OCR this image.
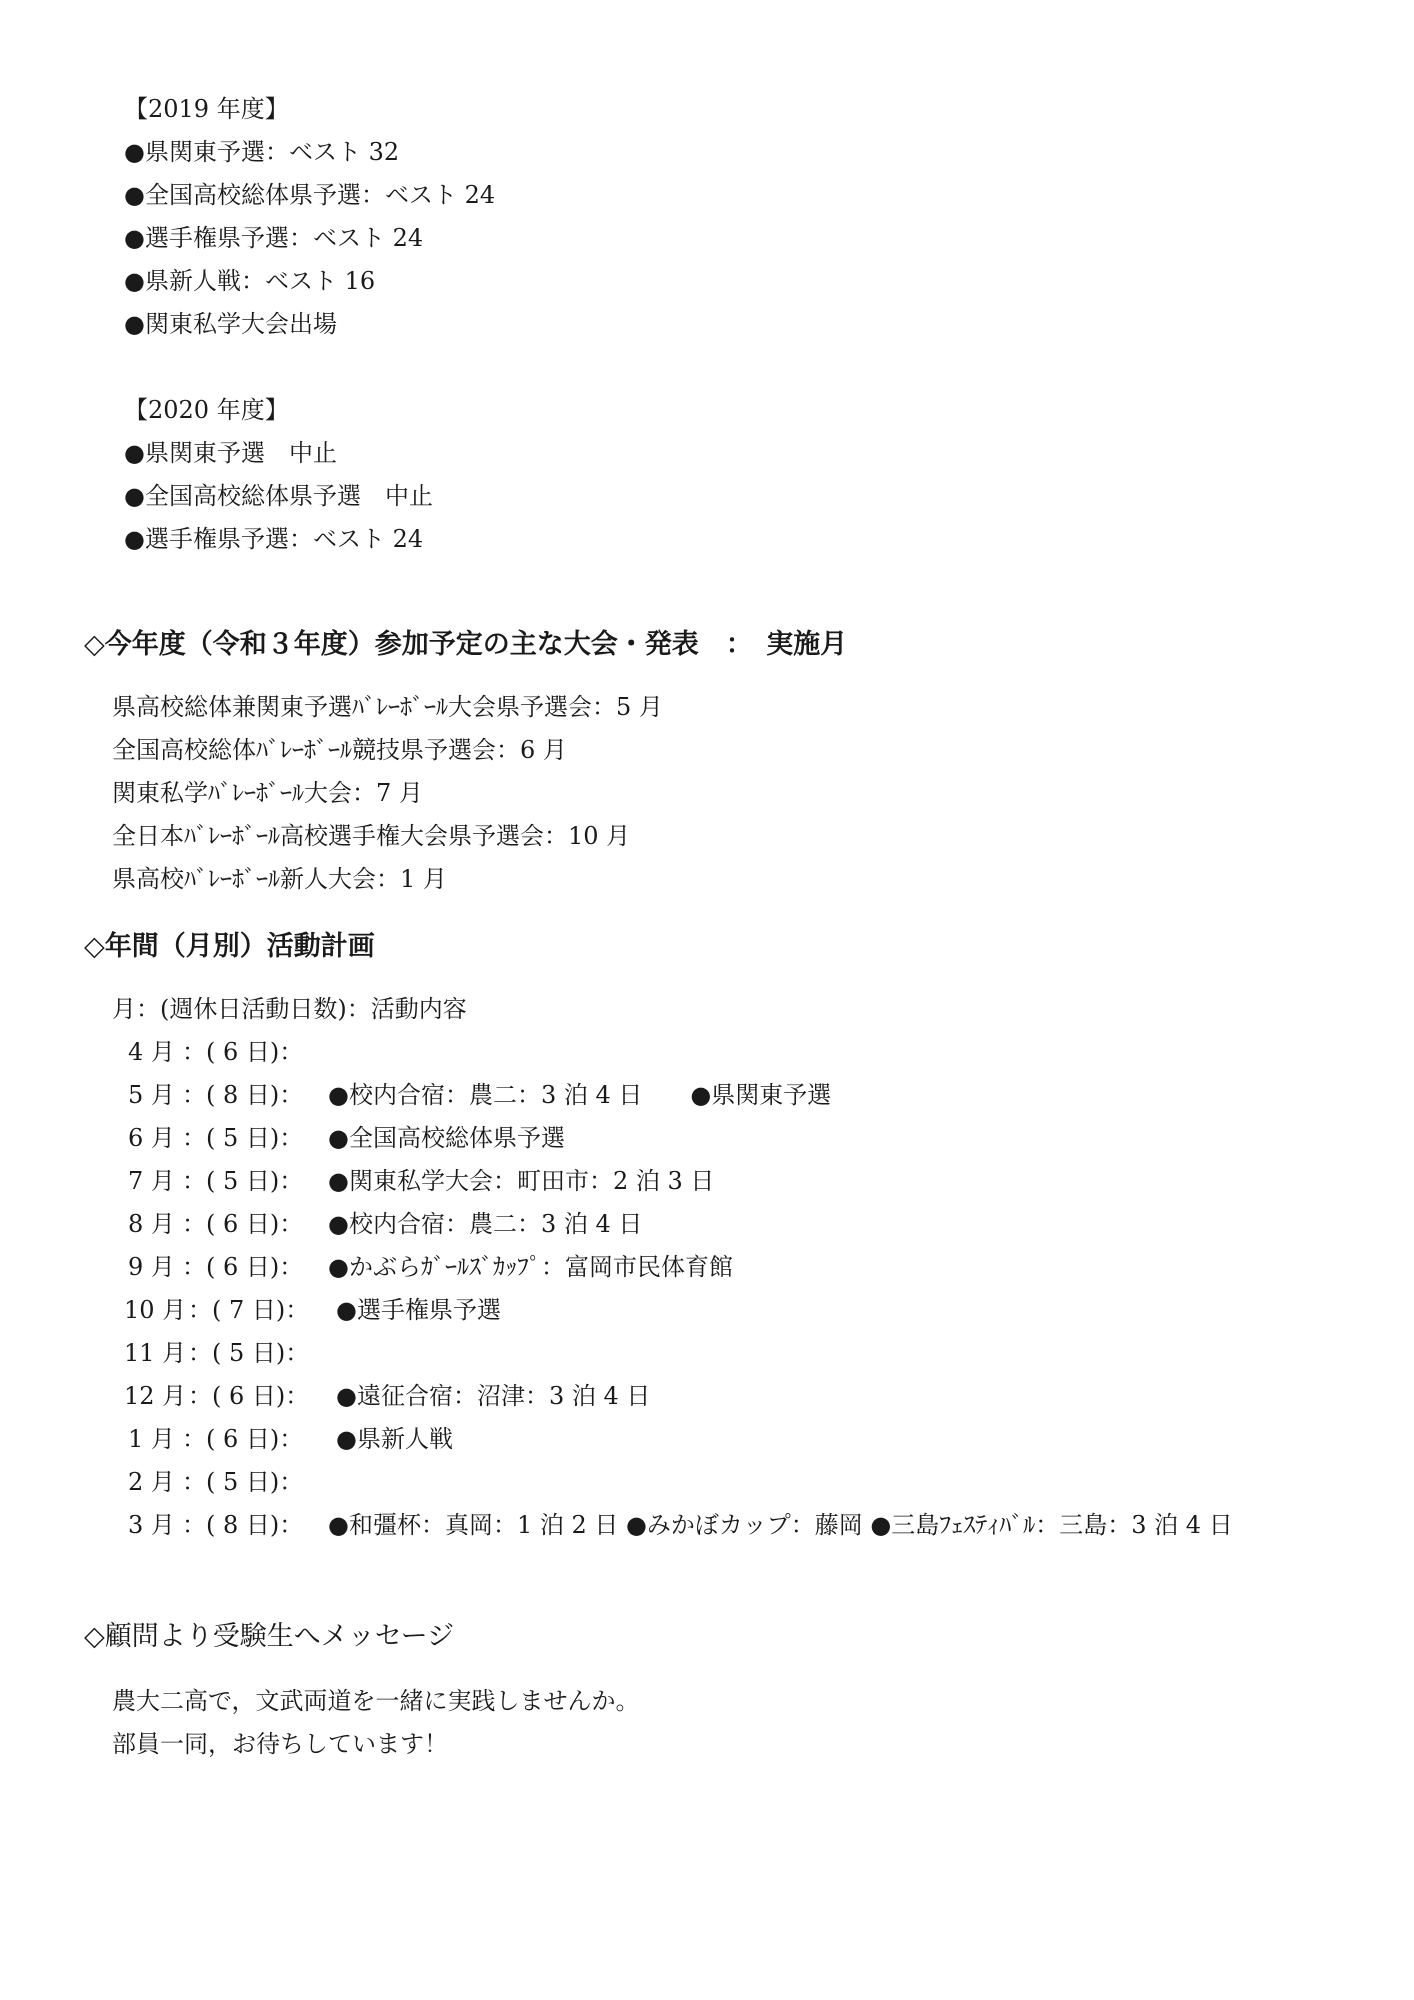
【2019 年度】
●県関東予選：ベスト 32
●全国高校総体県予選：ベスト 24
●選手権県予選：ベスト 24
●県新人戦：ベスト 16
●関東私学大会出場
【2020 年度】
●県関東予選　中止
●全国高校総体県予選　中止
●選手権県予選：ベスト 24
◇今年度（令和３年度）参加予定の主な大会・発表　：　実施月
県高校総体兼関東予選ﾊﾞﾚｰﾎﾞｰﾙ大会県予選会：5 月
全国高校総体ﾊﾞﾚｰﾎﾞｰﾙ競技県予選会：6 月
関東私学ﾊﾞﾚｰﾎﾞｰﾙ大会：7 月
全日本ﾊﾞﾚｰﾎﾞｰﾙ高校選手権大会県予選会：10 月
県高校ﾊﾞﾚｰﾎﾞｰﾙ新人大会：1 月
◇年間（月別）活動計画
月：(週休日活動日数)：活動内容
4 月 ：( 6 日)：
5 月 ：( 8 日)： ●校内合宿：農二：3 泊 4 日　　●県関東予選
6 月 ：( 5 日)： ●全国高校総体県予選
7 月 ：( 5 日)： ●関東私学大会：町田市：2 泊 3 日
8 月 ：( 6 日)： ●校内合宿：農二：3 泊 4 日
9 月 ：( 6 日)： ●かぶらｶﾞｰﾙｽﾞｶｯﾌﾟ：富岡市民体育館
10 月 ：( 7 日)： ●選手権県予選
11 月 ：( 5 日)：
12 月 ：( 6 日)： ●遠征合宿：沼津：3 泊 4 日
1 月 ：( 6 日)： ●県新人戦
2 月 ：( 5 日)：
3 月 ：( 8 日)： ●和彊杯：真岡：1 泊 2 日 ●みかぼカップ：藤岡 ●三島ﾌｪｽﾃｨﾊﾞﾙ：三島：3 泊 4 日
◇顧問より受験生へメッセージ
農大二高で，文武両道を一緒に実践しませんか。
部員一同，お待ちしています！
